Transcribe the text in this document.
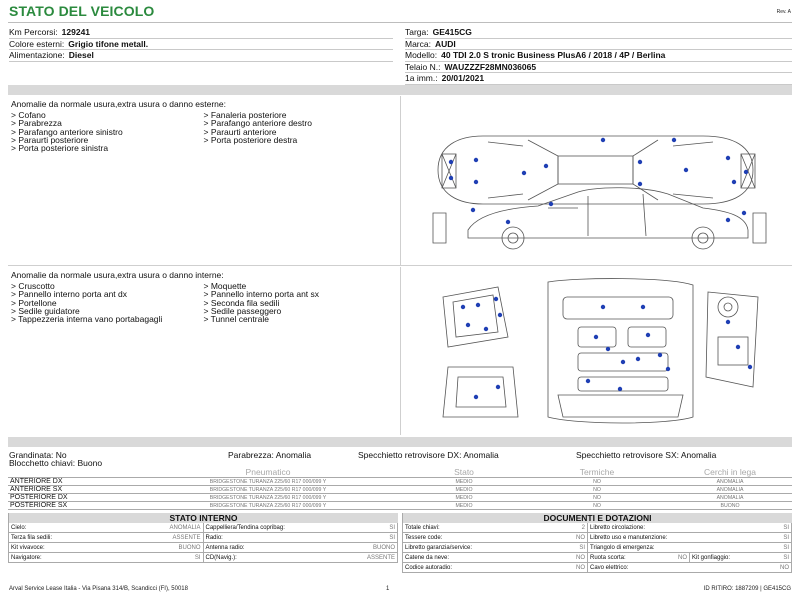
STATO DEL VEICOLO	Rev. A
Km Percorsi: 129241
Colore esterni: Grigio tifone metall.
Alimentazione: Diesel
Targa: GE415CG
Marca: AUDI
Modello: 40 TDI 2.0 S tronic Business PlusA6 / 2018 / 4P / Berlina
Telaio N.: WAUZZZF28MN036065
1a imm.: 20/01/2021
Anomalie da normale usura,extra usura o danno esterne:
> Cofano
> Parabrezza
> Parafango anteriore sinistro
> Paraurti posteriore
> Porta posteriore sinistra
> Fanaleria posteriore
> Parafango anteriore destro
> Paraurti anteriore
> Porta posteriore destra
Anomalie da normale usura,extra usura o danno interne:
> Cruscotto
> Pannello interno porta ant dx
> Portellone
> Sedile guidatore
> Tappezzeria interna vano portabagagli
> Moquette
> Pannello interno porta ant sx
> Seconda fila sedili
> Sedile passeggero
> Tunnel centrale
Grandinata: No
Blocchetto chiavi: Buono
Parabrezza: Anomalia	Specchietto retrovisore DX: Anomalia	Specchietto retrovisore SX: Anomalia
	Pneumatico		Stato		Termiche		Cerchi in lega
ANTERIORE DX	BRIDGESTONE TURANZA 225/60 R17 000/099 Y		MEDIO		NO		ANOMALIA
ANTERIORE SX	BRIDGESTONE TURANZA 225/60 R17 000/099 Y		MEDIO		NO		ANOMALIA
POSTERIORE DX	BRIDGESTONE TURANZA 225/60 R17 000/099 Y		MEDIO		NO		ANOMALIA
POSTERIORE SX	BRIDGESTONE TURANZA 225/60 R17 000/099 Y		MEDIO		NO		BUONO
STATO INTERNO
Cielo:	ANOMALIA
Terza fila sedili:	ASSENTE
Kit vivavoce:	BUONO
Navigatore:	SI
Cappelliera/Tendina copribag:	SI
Radio:	SI
Antenna radio:	BUONO
CD(Navig.):	ASSENTE
DOCUMENTI E DOTAZIONI
Totale chiavi:	2
Tessere code:	NO
Libretto garanzia/service:	SI
Catene da neve:	NO
Codice autoradio:	NO
Libretto circolazione:	SI
Libretto uso e manutenzione:	SI
Triangolo di emergenza:	SI
Ruota scorta:	NO Kit gonfiaggio:	SI
Cavo elettrico:	NO
Arval Service Lease Italia - Via Pisana 314/B, Scandicci (FI), 50018	1	ID RITIRO: 1887209 | GE415CG
